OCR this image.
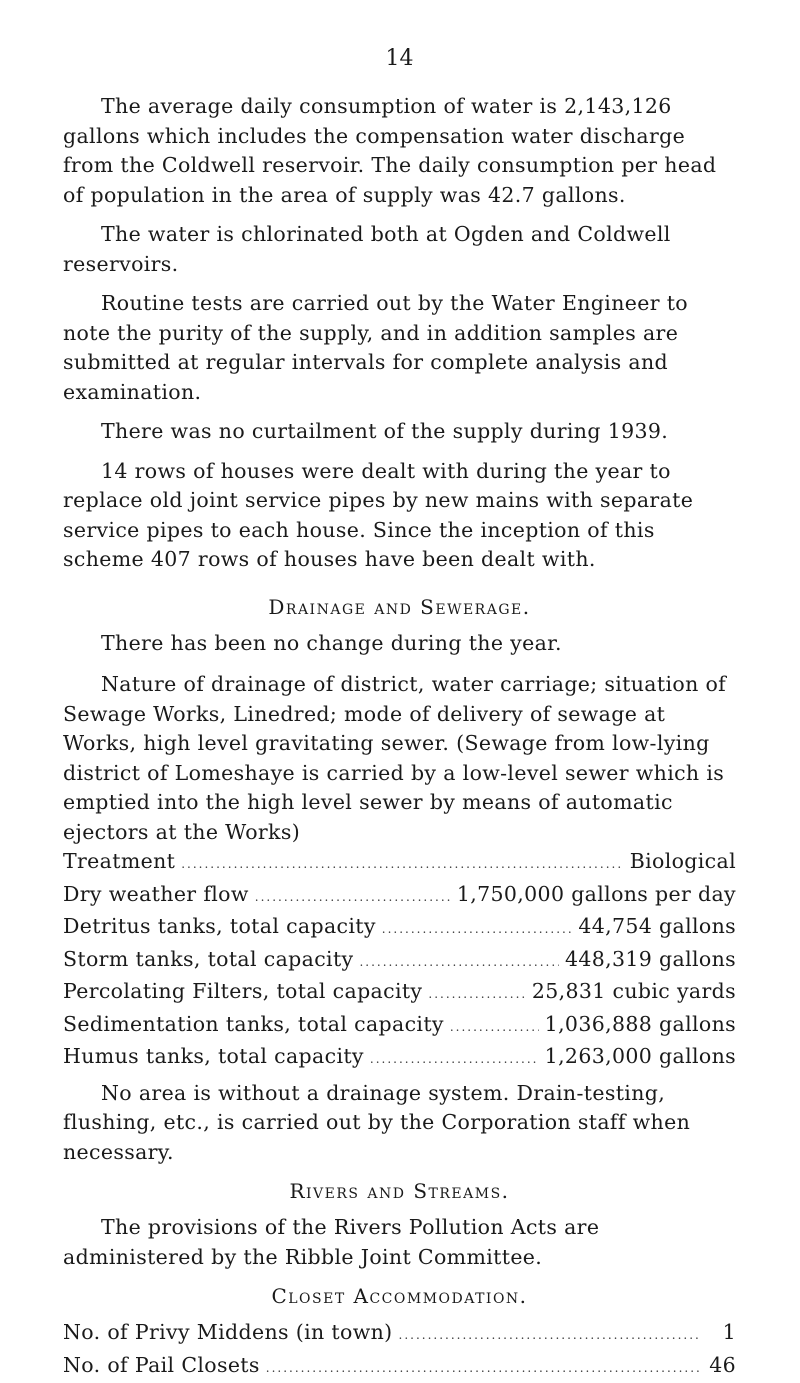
14

The average daily consumption of water is 2,143,126 gallons which includes the compensation water discharge from the Coldwell reservoir. The daily consumption per head of population in the area of supply was 42.7 gallons.

The water is chlorinated both at Ogden and Coldwell reservoirs.

Routine tests are carried out by the Water Engineer to note the purity of the supply, and in addition samples are submitted at regular intervals for complete analysis and examination.

There was no curtailment of the supply during 1939.

14 rows of houses were dealt with during the year to replace old joint service pipes by new mains with separate service pipes to each house. Since the inception of this scheme 407 rows of houses have been dealt with.

Drainage and Sewerage.

There has been no change during the year.

Nature of drainage of district, water carriage; situation of Sewage Works, Linedred; mode of delivery of sewage at Works, high level gravitating sewer. (Sewage from low-lying district of Lomeshaye is carried by a low-level sewer which is emptied into the high level sewer by means of automatic ejectors at the Works)

Treatment .....	Biological
Dry weather flow .....	1,750,000 gallons per day
Detritus tanks, total capacity .....	44,754 gallons
Storm tanks, total capacity .....	448,319 gallons
Percolating Filters, total capacity .....	25,831 cubic yards
Sedimentation tanks, total capacity .....	1,036,888 gallons
Humus tanks, total capacity .....	1,263,000 gallons

No area is without a drainage system. Drain-testing, flushing, etc., is carried out by the Corporation staff when necessary.

Rivers and Streams.

The provisions of the Rivers Pollution Acts are administered by the Ribble Joint Committee.

Closet Accommodation.
No. of Privy Middens (in town) .....	1
No. of Pail Closets .....	46
